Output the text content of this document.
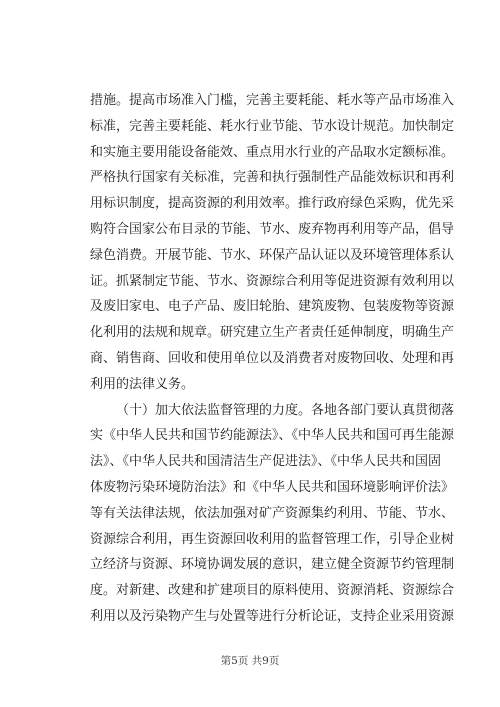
措施。提高市场准入门槛，完善主要耗能、耗水等产品市场准入
标准，完善主要耗能、耗水行业节能、节水设计规范。加快制定
和实施主要用能设备能效、重点用水行业的产品取水定额标准。
严格执行国家有关标准，完善和执行强制性产品能效标识和再利
用标识制度，提高资源的利用效率。推行政府绿色采购，优先采
购符合国家公布目录的节能、节水、废弃物再利用等产品，倡导
绿色消费。开展节能、节水、环保产品认证以及环境管理体系认
证。抓紧制定节能、节水、资源综合利用等促进资源有效利用以
及废旧家电、电子产品、废旧轮胎、建筑废物、包装废物等资源
化利用的法规和规章。研究建立生产者责任延伸制度，明确生产
商、销售商、回收和使用单位以及消费者对废物回收、处理和再
利用的法律义务。
（十）加大依法监督管理的力度。各地各部门要认真贯彻落
实《中华人民共和国节约能源法》、《中华人民共和国可再生能源
法》、《中华人民共和国清洁生产促进法》、《中华人民共和国固
体废物污染环境防治法》和《中华人民共和国环境影响评价法》
等有关法律法规，依法加强对矿产资源集约利用、节能、节水、
资源综合利用，再生资源回收利用的监督管理工作，引导企业树
立经济与资源、环境协调发展的意识，建立健全资源节约管理制
度。对新建、改建和扩建项目的原料使用、资源消耗、资源综合
利用以及污染物产生与处置等进行分析论证，支持企业采用资源
第5页 共9页
